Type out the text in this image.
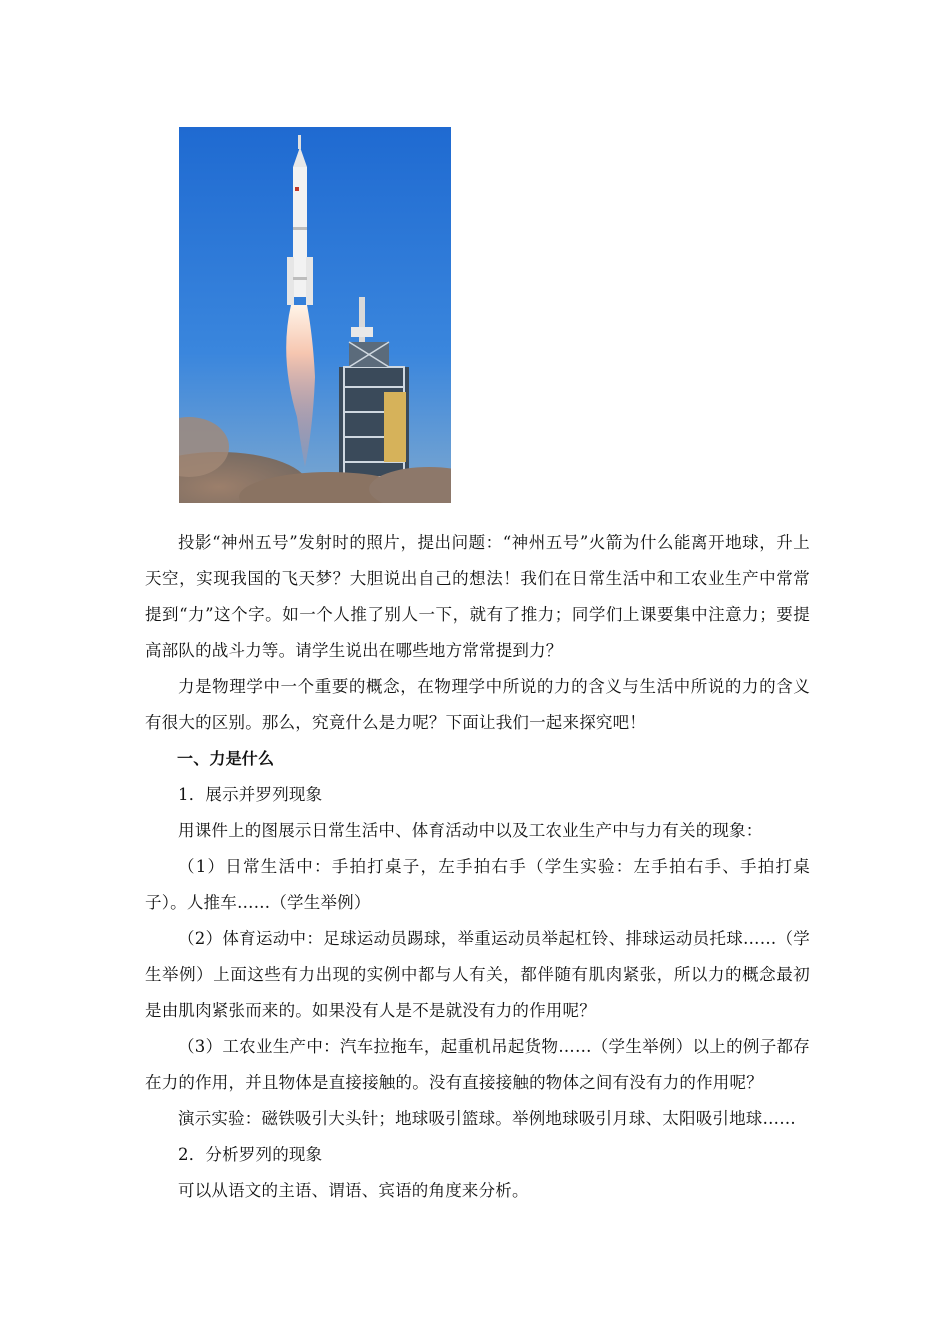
投影“神州五号”发射时的照片，提出问题：“神州五号”火箭为什么能离开地球，升上天空，实现我国的飞天梦？大胆说出自己的想法！我们在日常生活中和工农业生产中常常提到“力”这个字。如一个人推了别人一下，就有了推力；同学们上课要集中注意力；要提高部队的战斗力等。请学生说出在哪些地方常常提到力？

力是物理学中一个重要的概念，在物理学中所说的力的含义与生活中所说的力的含义有很大的区别。那么，究竟什么是力呢？下面让我们一起来探究吧！

一、力是什么

1．展示并罗列现象

用课件上的图展示日常生活中、体育活动中以及工农业生产中与力有关的现象：

（1）日常生活中：手拍打桌子，左手拍右手（学生实验：左手拍右手、手拍打桌子）。人推车……（学生举例）

（2）体育运动中：足球运动员踢球，举重运动员举起杠铃、排球运动员托球……（学生举例）上面这些有力出现的实例中都与人有关，都伴随有肌肉紧张，所以力的概念最初是由肌肉紧张而来的。如果没有人是不是就没有力的作用呢？

（3）工农业生产中：汽车拉拖车，起重机吊起货物……（学生举例）以上的例子都存在力的作用，并且物体是直接接触的。没有直接接触的物体之间有没有力的作用呢？

演示实验：磁铁吸引大头针；地球吸引篮球。举例地球吸引月球、太阳吸引地球……

2．分析罗列的现象

可以从语文的主语、谓语、宾语的角度来分析。
